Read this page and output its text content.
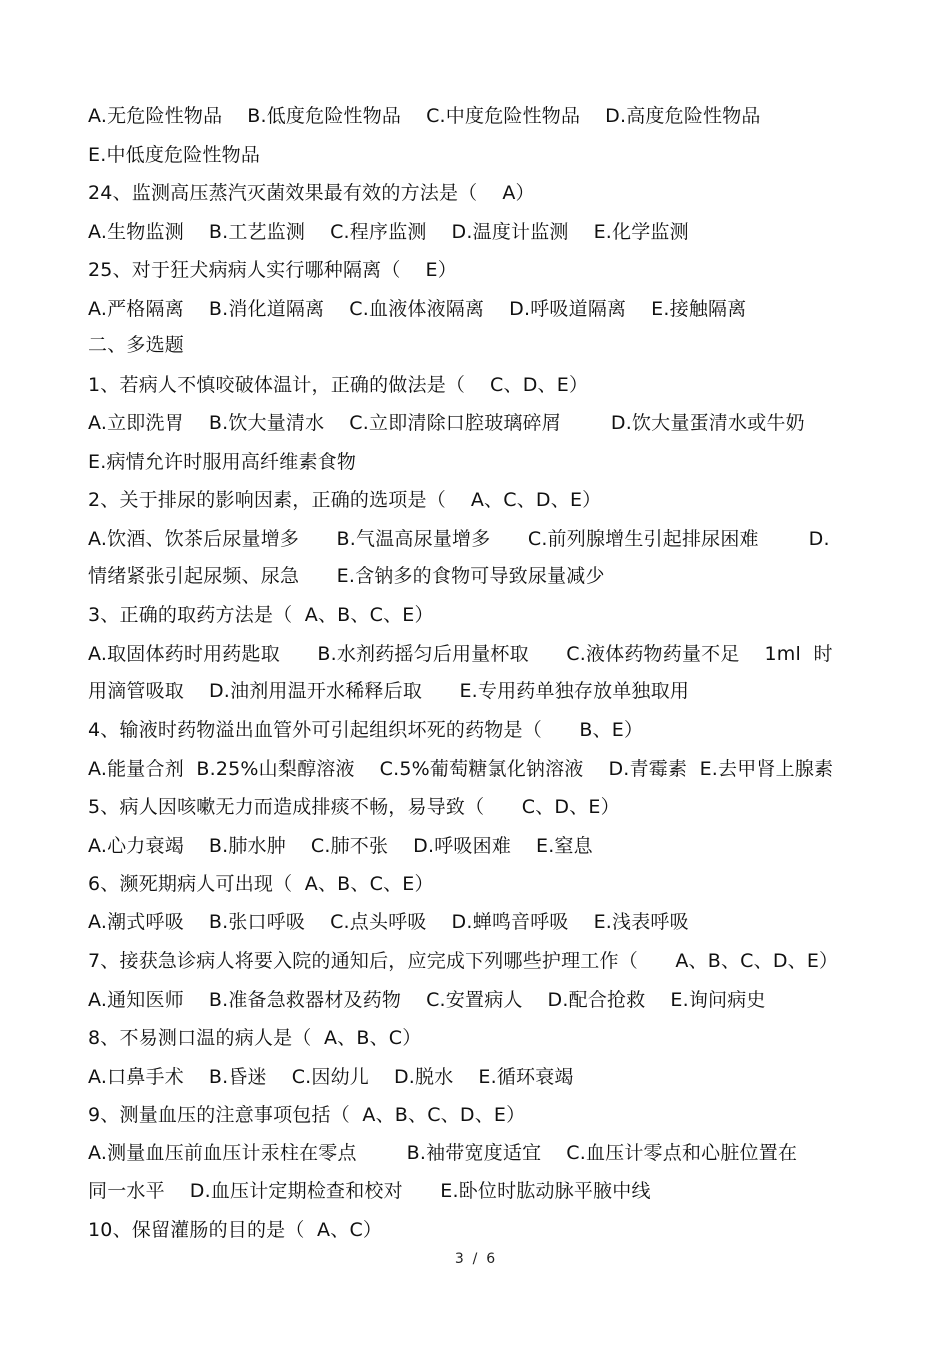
A.无危险性物品    B.低度危险性物品    C.中度危险性物品    D.高度危险性物品
E.中低度危险性物品
24、监测高压蒸汽灭菌效果最有效的方法是（    A）
A.生物监测    B.工艺监测    C.程序监测    D.温度计监测    E.化学监测
25、对于狂犬病病人实行哪种隔离（    E）
A.严格隔离    B.消化道隔离    C.血液体液隔离    D.呼吸道隔离    E.接触隔离
二、多选题
1、若病人不慎咬破体温计，正确的做法是（    C、D、E）
A.立即洗胃    B.饮大量清水    C.立即清除口腔玻璃碎屑        D.饮大量蛋清水或牛奶
E.病情允许时服用高纤维素食物
2、关于排尿的影响因素，正确的选项是（    A、C、D、E）
A.饮酒、饮茶后尿量增多      B.气温高尿量增多      C.前列腺增生引起排尿困难        D.
情绪紧张引起尿频、尿急      E.含钠多的食物可导致尿量减少
3、正确的取药方法是（  A、B、C、E）
A.取固体药时用药匙取      B.水剂药摇匀后用量杯取      C.液体药物药量不足    1ml  时
用滴管吸取    D.油剂用温开水稀释后取      E.专用药单独存放单独取用
4、输液时药物溢出血管外可引起组织坏死的药物是（      B、E）
A.能量合剂  B.25%山梨醇溶液    C.5%葡萄糖氯化钠溶液    D.青霉素  E.去甲肾上腺素
5、病人因咳嗽无力而造成排痰不畅，易导致（      C、D、E）
A.心力衰竭    B.肺水肿    C.肺不张    D.呼吸困难    E.窒息
6、濒死期病人可出现（  A、B、C、E）
A.潮式呼吸    B.张口呼吸    C.点头呼吸    D.蝉鸣音呼吸    E.浅表呼吸
7、接获急诊病人将要入院的通知后，应完成下列哪些护理工作（      A、B、C、D、E）
A.通知医师    B.准备急救器材及药物    C.安置病人    D.配合抢救    E.询问病史
8、不易测口温的病人是（  A、B、C）
A.口鼻手术    B.昏迷    C.因幼儿    D.脱水    E.循环衰竭
9、测量血压的注意事项包括（  A、B、C、D、E）
A.测量血压前血压计汞柱在零点        B.袖带宽度适宜    C.血压计零点和心脏位置在
同一水平    D.血压计定期检查和校对      E.卧位时肱动脉平腋中线
10、保留灌肠的目的是（  A、C）
3  /  6
